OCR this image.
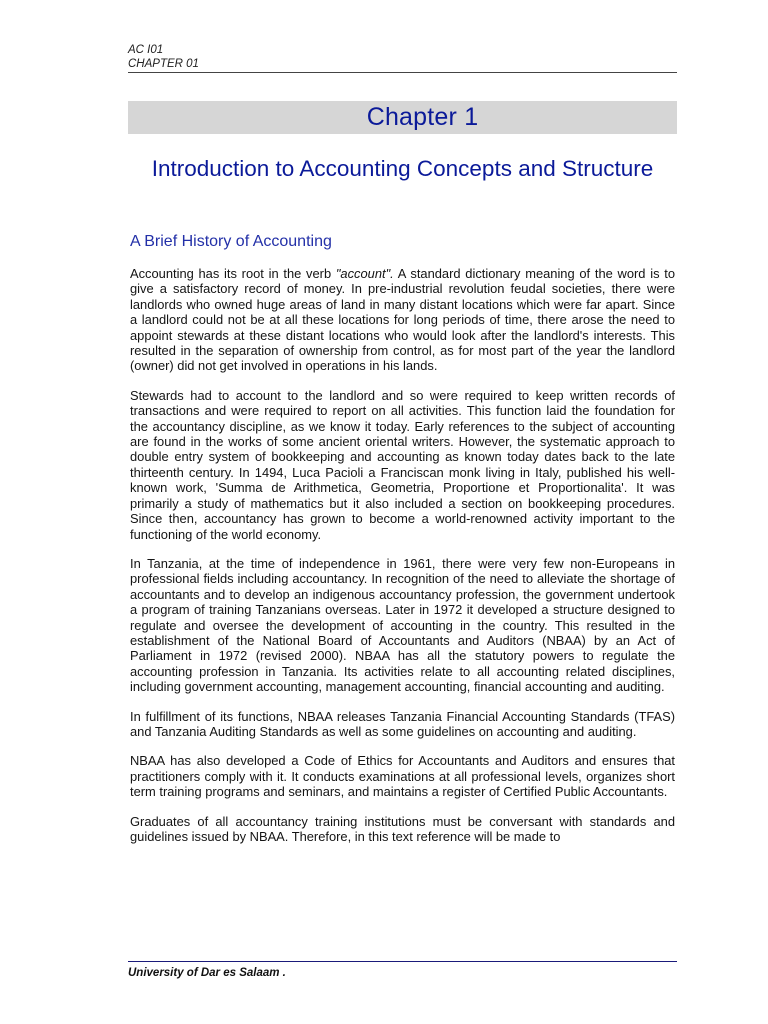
AC I01
CHAPTER 01
Chapter 1
Introduction to Accounting Concepts and Structure
A Brief History of Accounting

Accounting has its root in the verb "account". A standard dictionary meaning of the word is to give a satisfactory record of money. In pre-industrial revolution feudal societies, there were landlords who owned huge areas of land in many distant locations which were far apart. Since a landlord could not be at all these locations for long periods of time, there arose the need to appoint stewards at these distant locations who would look after the landlord's interests. This resulted in the separation of ownership from control, as for most part of the year the landlord (owner) did not get involved in operations in his lands.

Stewards had to account to the landlord and so were required to keep written records of transactions and were required to report on all activities. This function laid the foundation for the accountancy discipline, as we know it today. Early references to the subject of accounting are found in the works of some ancient oriental writers. However, the systematic approach to double entry system of bookkeeping and accounting as known today dates back to the late thirteenth century. In 1494, Luca Pacioli a Franciscan monk living in Italy, published his well-known work, 'Summa de Arithmetica, Geometria, Proportione et Proportionalita'. It was primarily a study of mathematics but it also included a section on bookkeeping procedures. Since then, accountancy has grown to become a world-renowned activity important to the functioning of the world economy.

In Tanzania, at the time of independence in 1961, there were very few non-Europeans in professional fields including accountancy. In recognition of the need to alleviate the shortage of accountants and to develop an indigenous accountancy profession, the government undertook a program of training Tanzanians overseas. Later in 1972 it developed a structure designed to regulate and oversee the development of accounting in the country. This resulted in the establishment of the National Board of Accountants and Auditors (NBAA) by an Act of Parliament in 1972 (revised 2000). NBAA has all the statutory powers to regulate the accounting profession in Tanzania. Its activities relate to all accounting related disciplines, including government accounting, management accounting, financial accounting and auditing.

In fulfillment of its functions, NBAA releases Tanzania Financial Accounting Standards (TFAS) and Tanzania Auditing Standards as well as some guidelines on accounting and auditing.

NBAA has also developed a Code of Ethics for Accountants and Auditors and ensures that practitioners comply with it. It conducts examinations at all professional levels, organizes short term training programs and seminars, and maintains a register of Certified Public Accountants.

Graduates of all accountancy training institutions must be conversant with standards and guidelines issued by NBAA. Therefore, in this text reference will be made to

University of Dar es Salaam .
